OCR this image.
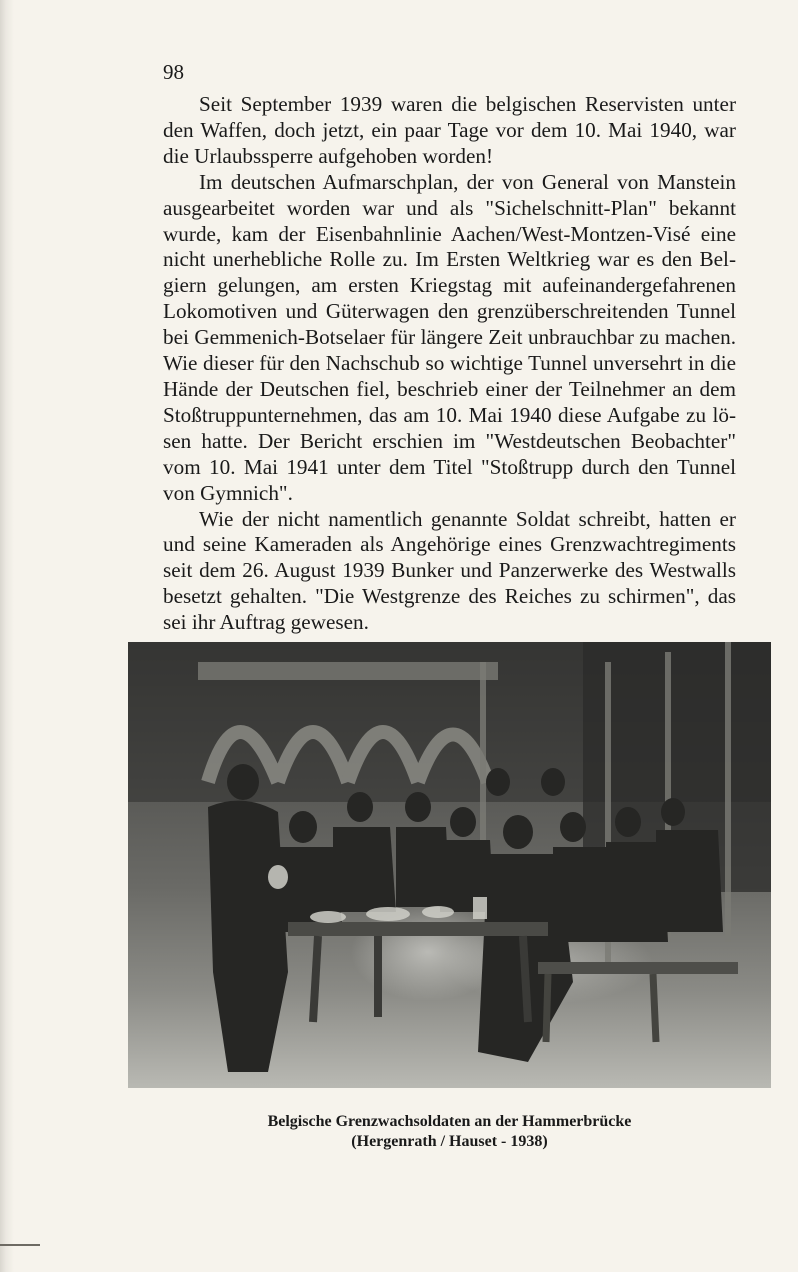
98

Seit September 1939 waren die belgischen Reservisten unter den Waffen, doch jetzt, ein paar Tage vor dem 10. Mai 1940, war die Urlaubssperre aufgehoben worden!

Im deutschen Aufmarschplan, der von General von Manstein ausgearbeitet worden war und als "Sichelschnitt-Plan" bekannt wurde, kam der Eisenbahnlinie Aachen/West-Montzen-Visé eine nicht unerhebliche Rolle zu. Im Ersten Weltkrieg war es den Belgiern gelungen, am ersten Kriegstag mit aufeinandergefahrenen Lokomotiven und Güterwagen den grenzüberschreitenden Tunnel bei Gemmenich-Botselaer für längere Zeit unbrauchbar zu machen. Wie dieser für den Nachschub so wichtige Tunnel unversehrt in die Hände der Deutschen fiel, beschrieb einer der Teilnehmer an dem Stoßtruppunternehmen, das am 10. Mai 1940 diese Aufgabe zu lösen hatte. Der Bericht erschien im "Westdeutschen Beobachter" vom 10. Mai 1941 unter dem Titel "Stoßtrupp durch den Tunnel von Gymnich".

Wie der nicht namentlich genannte Soldat schreibt, hatten er und seine Kameraden als Angehörige eines Grenzwachtregiments seit dem 26. August 1939 Bunker und Panzerwerke des Westwalls besetzt gehalten. "Die Westgrenze des Reiches zu schirmen", das sei ihr Auftrag gewesen.

Belgische Grenzwachsoldaten an der Hammerbrücke
(Hergenrath / Hauset - 1938)
